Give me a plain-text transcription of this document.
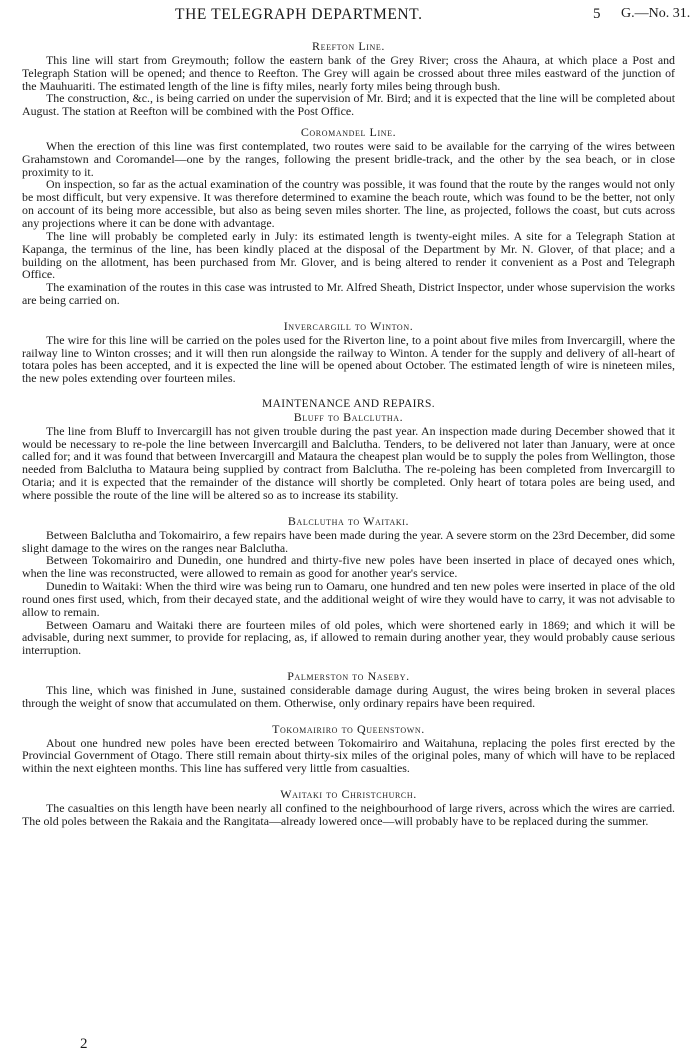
THE TELEGRAPH DEPARTMENT.	5 G.—No. 31.

Reefton Line.

This line will start from Greymouth; follow the eastern bank of the Grey River; cross the Ahaura, at which place a Post and Telegraph Station will be opened; and thence to Reefton. The Grey will again be crossed about three miles eastward of the junction of the Mauhuariti. The estimated length of the line is fifty miles, nearly forty miles being through bush.

The construction, &c., is being carried on under the supervision of Mr. Bird; and it is expected that the line will be completed about August. The station at Reefton will be combined with the Post Office.

Coromandel Line.

When the erection of this line was first contemplated, two routes were said to be available for the carrying of the wires between Grahamstown and Coromandel—one by the ranges, following the present bridle-track, and the other by the sea beach, or in close proximity to it.

On inspection, so far as the actual examination of the country was possible, it was found that the route by the ranges would not only be most difficult, but very expensive. It was therefore determined to examine the beach route, which was found to be the better, not only on account of its being more accessible, but also as being seven miles shorter. The line, as projected, follows the coast, but cuts across any projections where it can be done with advantage.

The line will probably be completed early in July: its estimated length is twenty-eight miles. A site for a Telegraph Station at Kapanga, the terminus of the line, has been kindly placed at the disposal of the Department by Mr. N. Glover, of that place; and a building on the allotment, has been purchased from Mr. Glover, and is being altered to render it convenient as a Post and Telegraph Office.

The examination of the routes in this case was intrusted to Mr. Alfred Sheath, District Inspector, under whose supervision the works are being carried on.

Invercargill to Winton.

The wire for this line will be carried on the poles used for the Riverton line, to a point about five miles from Invercargill, where the railway line to Winton crosses; and it will then run alongside the railway to Winton. A tender for the supply and delivery of all-heart of totara poles has been accepted, and it is expected the line will be opened about October. The estimated length of wire is nineteen miles, the new poles extending over fourteen miles.

MAINTENANCE AND REPAIRS.

Bluff to Balclutha.

The line from Bluff to Invercargill has not given trouble during the past year. An inspection made during December showed that it would be necessary to re-pole the line between Invercargill and Balclutha. Tenders, to be delivered not later than January, were at once called for; and it was found that between Invercargill and Mataura the cheapest plan would be to supply the poles from Wellington, those needed from Balclutha to Mataura being supplied by contract from Balclutha. The re-poleing has been completed from Invercargill to Otaria; and it is expected that the remainder of the distance will shortly be completed. Only heart of totara poles are being used, and where possible the route of the line will be altered so as to increase its stability.

Balclutha to Waitaki.

Between Balclutha and Tokomairiro, a few repairs have been made during the year. A severe storm on the 23rd December, did some slight damage to the wires on the ranges near Balclutha.

Between Tokomairiro and Dunedin, one hundred and thirty-five new poles have been inserted in place of decayed ones which, when the line was reconstructed, were allowed to remain as good for another year's service.

Dunedin to Waitaki: When the third wire was being run to Oamaru, one hundred and ten new poles were inserted in place of the old round ones first used, which, from their decayed state, and the additional weight of wire they would have to carry, it was not advisable to allow to remain.

Between Oamaru and Waitaki there are fourteen miles of old poles, which were shortened early in 1869; and which it will be advisable, during next summer, to provide for replacing, as, if allowed to remain during another year, they would probably cause serious interruption.

Palmerston to Naseby.

This line, which was finished in June, sustained considerable damage during August, the wires being broken in several places through the weight of snow that accumulated on them. Otherwise, only ordinary repairs have been required.

Tokomairiro to Queenstown.

About one hundred new poles have been erected between Tokomairiro and Waitahuna, replacing the poles first erected by the Provincial Government of Otago. There still remain about thirty-six miles of the original poles, many of which will have to be replaced within the next eighteen months. This line has suffered very little from casualties.

Waitaki to Christchurch.

The casualties on this length have been nearly all confined to the neighbourhood of large rivers, across which the wires are carried. The old poles between the Rakaia and the Rangitata—already lowered once—will probably have to be replaced during the summer.

2
